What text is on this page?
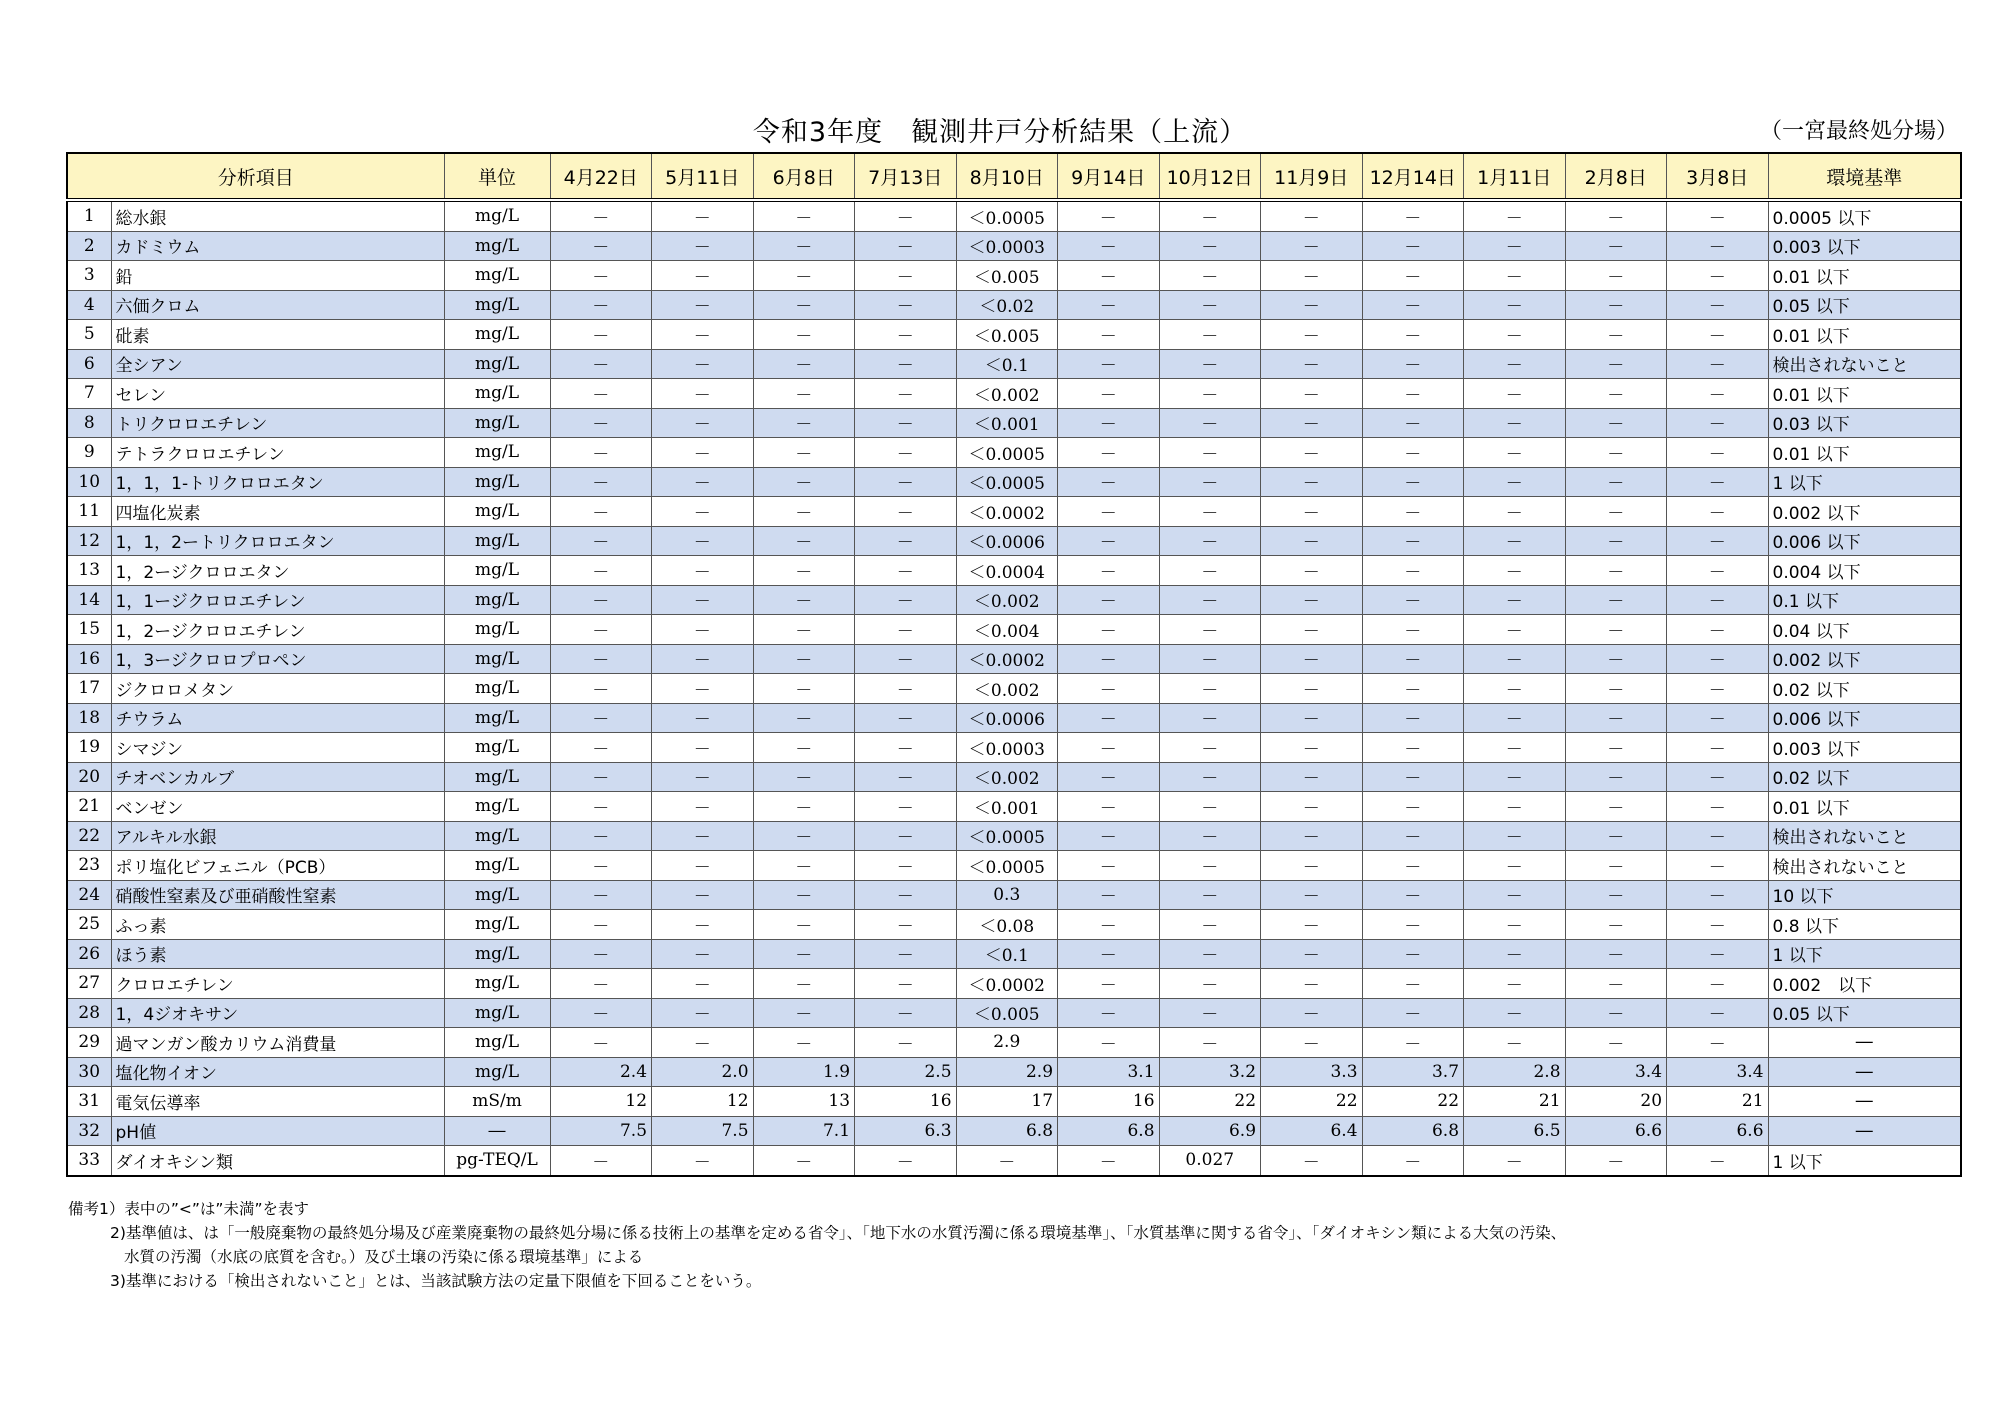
令和3年度　観測井戸分析結果（上流）	（一宮最終処分場）
分析項目		単位	4月22日	5月11日	6月8日	7月13日	8月10日	9月14日	10月12日	11月9日	12月14日	1月11日	2月8日	3月8日	環境基準
1	総水銀	mg/L	－	－	－	－	＜0.0005	－	－	－	－	－	－	－	0.0005 以下
2	カドミウム	mg/L	－	－	－	－	＜0.0003	－	－	－	－	－	－	－	0.003 以下
3	鉛	mg/L	－	－	－	－	＜0.005	－	－	－	－	－	－	－	0.01 以下
4	六価クロム	mg/L	－	－	－	－	＜0.02	－	－	－	－	－	－	－	0.05 以下
5	砒素	mg/L	－	－	－	－	＜0.005	－	－	－	－	－	－	－	0.01 以下
6	全シアン	mg/L	－	－	－	－	＜0.1	－	－	－	－	－	－	－	検出されないこと
7	セレン	mg/L	－	－	－	－	＜0.002	－	－	－	－	－	－	－	0.01 以下
8	トリクロロエチレン	mg/L	－	－	－	－	＜0.001	－	－	－	－	－	－	－	0.03 以下
9	テトラクロロエチレン	mg/L	－	－	－	－	＜0.0005	－	－	－	－	－	－	－	0.01 以下
10	1，1，1-トリクロロエタン	mg/L	－	－	－	－	＜0.0005	－	－	－	－	－	－	－	1 以下
11	四塩化炭素	mg/L	－	－	－	－	＜0.0002	－	－	－	－	－	－	－	0.002 以下
12	1，1，2ートリクロロエタン	mg/L	－	－	－	－	＜0.0006	－	－	－	－	－	－	－	0.006 以下
13	1，2ージクロロエタン	mg/L	－	－	－	－	＜0.0004	－	－	－	－	－	－	－	0.004 以下
14	1，1ージクロロエチレン	mg/L	－	－	－	－	＜0.002	－	－	－	－	－	－	－	0.1 以下
15	1，2ージクロロエチレン	mg/L	－	－	－	－	＜0.004	－	－	－	－	－	－	－	0.04 以下
16	1，3ージクロロプロペン	mg/L	－	－	－	－	＜0.0002	－	－	－	－	－	－	－	0.002 以下
17	ジクロロメタン	mg/L	－	－	－	－	＜0.002	－	－	－	－	－	－	－	0.02 以下
18	チウラム	mg/L	－	－	－	－	＜0.0006	－	－	－	－	－	－	－	0.006 以下
19	シマジン	mg/L	－	－	－	－	＜0.0003	－	－	－	－	－	－	－	0.003 以下
20	チオベンカルブ	mg/L	－	－	－	－	＜0.002	－	－	－	－	－	－	－	0.02 以下
21	ベンゼン	mg/L	－	－	－	－	＜0.001	－	－	－	－	－	－	－	0.01 以下
22	アルキル水銀	mg/L	－	－	－	－	＜0.0005	－	－	－	－	－	－	－	検出されないこと
23	ポリ塩化ビフェニル（PCB）	mg/L	－	－	－	－	＜0.0005	－	－	－	－	－	－	－	検出されないこと
24	硝酸性窒素及び亜硝酸性窒素	mg/L	－	－	－	－	0.3	－	－	－	－	－	－	－	10 以下
25	ふっ素	mg/L	－	－	－	－	＜0.08	－	－	－	－	－	－	－	0.8 以下
26	ほう素	mg/L	－	－	－	－	＜0.1	－	－	－	－	－	－	－	1 以下
27	クロロエチレン	mg/L	－	－	－	－	＜0.0002	－	－	－	－	－	－	－	0.002　以下
28	1，4ジオキサン	mg/L	－	－	－	－	＜0.005	－	－	－	－	－	－	－	0.05 以下
29	過マンガン酸カリウム消費量	mg/L	－	－	－	－	2.9	－	－	－	－	－	－	－	―
30	塩化物イオン	mg/L	2.4	2.0	1.9	2.5	2.9	3.1	3.2	3.3	3.7	2.8	3.4	3.4	―
31	電気伝導率	mS/m	12	12	13	16	17	16	22	22	22	21	20	21	―
32	pH値	―	7.5	7.5	7.1	6.3	6.8	6.8	6.9	6.4	6.8	6.5	6.6	6.6	―
33	ダイオキシン類	pg-TEQ/L	－	－	－	－	－	－	0.027	－	－	－	－	－	1 以下
備考1）表中の”<”は”未満”を表す
2)基準値は、は「一般廃棄物の最終処分場及び産業廃棄物の最終処分場に係る技術上の基準を定める省令」、「地下水の水質汚濁に係る環境基準」、「水質基準に関する省令」、「ダイオキシン類による大気の汚染、
水質の汚濁（水底の底質を含む。）及び土壌の汚染に係る環境基準」による
3)基準における「検出されないこと」とは、当該試験方法の定量下限値を下回ることをいう。
